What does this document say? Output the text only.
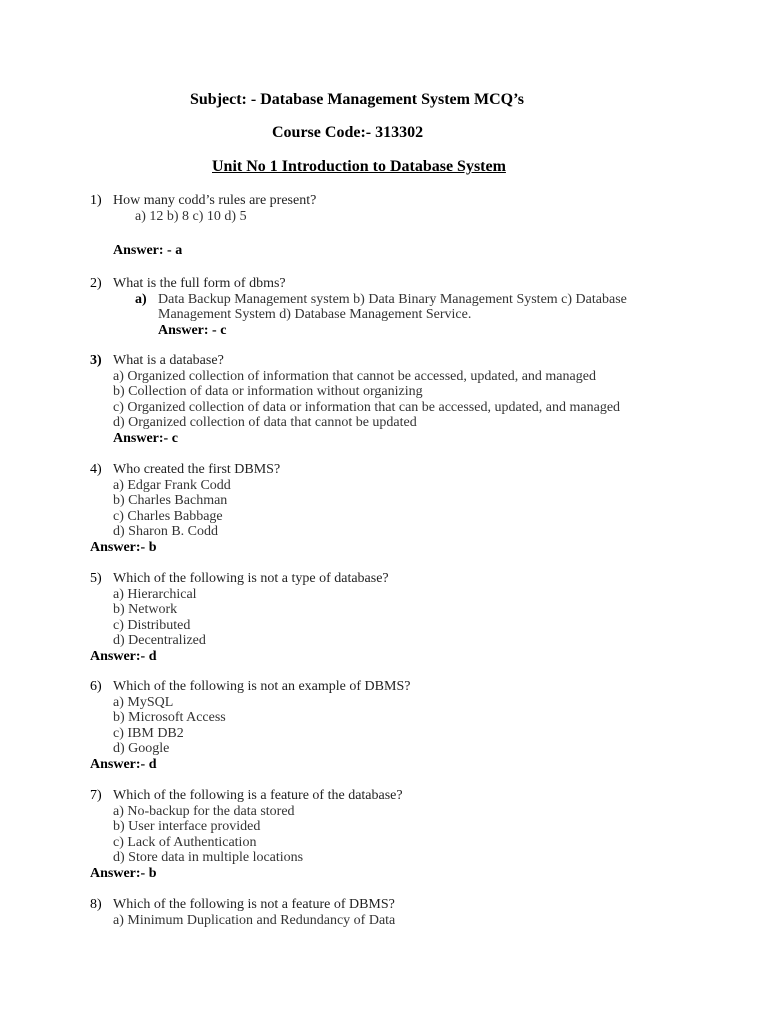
Subject: - Database Management System MCQ’s
Course Code:- 313302
Unit No 1 Introduction to Database System
1) How many codd’s rules are present?
a) 12 b) 8 c) 10 d) 5
Answer: - a
2) What is the full form of dbms?
a) Data Backup Management system b) Data Binary Management System c) Database
Management System d) Database Management Service.
Answer: - c
3) What is a database?
a) Organized collection of information that cannot be accessed, updated, and managed
b) Collection of data or information without organizing
c) Organized collection of data or information that can be accessed, updated, and managed
d) Organized collection of data that cannot be updated
Answer:- c
4) Who created the first DBMS?
a) Edgar Frank Codd
b) Charles Bachman
c) Charles Babbage
d) Sharon B. Codd
Answer:- b
5) Which of the following is not a type of database?
a) Hierarchical
b) Network
c) Distributed
d) Decentralized
Answer:- d
6) Which of the following is not an example of DBMS?
a) MySQL
b) Microsoft Access
c) IBM DB2
d) Google
Answer:- d
7) Which of the following is a feature of the database?
a) No-backup for the data stored
b) User interface provided
c) Lack of Authentication
d) Store data in multiple locations
Answer:- b
8) Which of the following is not a feature of DBMS?
a) Minimum Duplication and Redundancy of Data
